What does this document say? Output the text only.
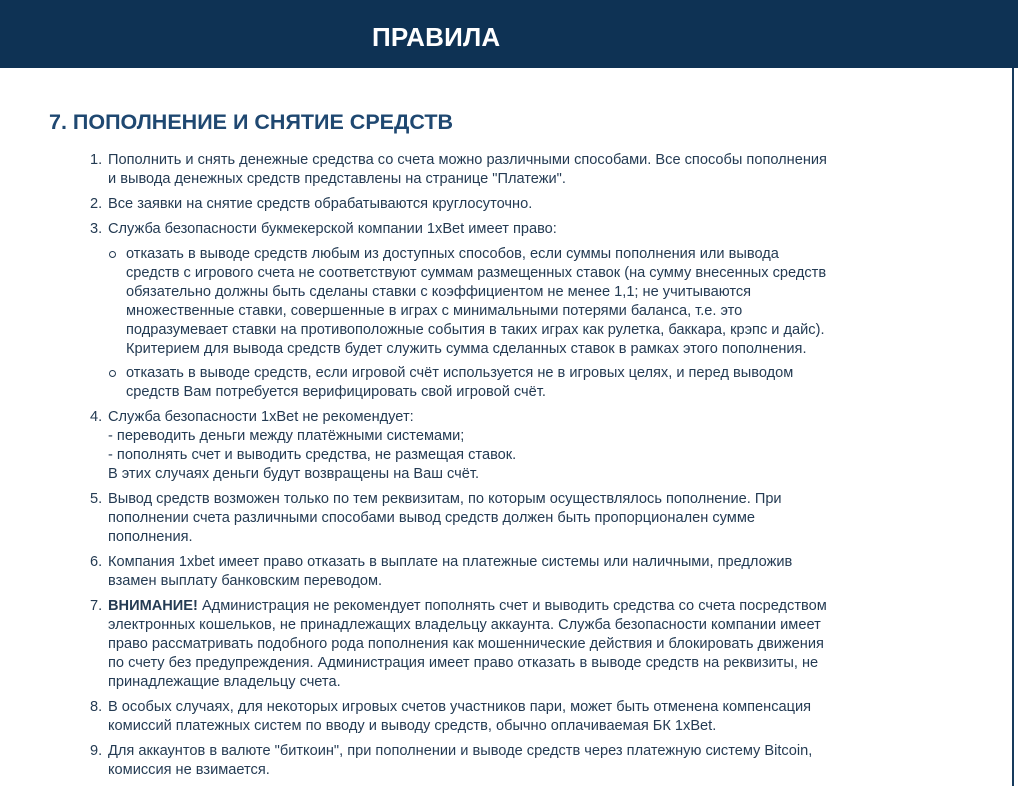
ПРАВИЛА
7. ПОПОЛНЕНИЕ И СНЯТИЕ СРЕДСТВ
1. Пополнить и снять денежные средства со счета можно различными способами. Все способы пополнения
и вывода денежных средств представлены на странице "Платежи".
2. Все заявки на снятие средств обрабатываются круглосуточно.
3. Служба безопасности букмекерской компании 1xBet имеет право:
отказать в выводе средств любым из доступных способов, если суммы пополнения или вывода
средств с игрового счета не соответствуют суммам размещенных ставок (на сумму внесенных средств
обязательно должны быть сделаны ставки с коэффициентом не менее 1,1; не учитываются
множественные ставки, совершенные в играх с минимальными потерями баланса, т.е. это
подразумевает ставки на противоположные события в таких играх как рулетка, баккара, крэпс и дайс).
Критерием для вывода средств будет служить сумма сделанных ставок в рамках этого пополнения.
отказать в выводе средств, если игровой счёт используется не в игровых целях, и перед выводом
средств Вам потребуется верифицировать свой игровой счёт.
4. Служба безопасности 1xBet не рекомендует:
- переводить деньги между платёжными системами;
- пополнять счет и выводить средства, не размещая ставок.
В этих случаях деньги будут возвращены на Ваш счёт.
5. Вывод средств возможен только по тем реквизитам, по которым осуществлялось пополнение. При
пополнении счета различными способами вывод средств должен быть пропорционален сумме
пополнения.
6. Компания 1xbet имеет право отказать в выплате на платежные системы или наличными, предложив
взамен выплату банковским переводом.
7. ВНИМАНИЕ! Администрация не рекомендует пополнять счет и выводить средства со счета посредством
электронных кошельков, не принадлежащих владельцу аккаунта. Служба безопасности компании имеет
право рассматривать подобного рода пополнения как мошеннические действия и блокировать движения
по счету без предупреждения. Администрация имеет право отказать в выводе средств на реквизиты, не
принадлежащие владельцу счета.
8. В особых случаях, для некоторых игровых счетов участников пари, может быть отменена компенсация
комиссий платежных систем по вводу и выводу средств, обычно оплачиваемая БК 1xBet.
9. Для аккаунтов в валюте "биткоин", при пополнении и выводе средств через платежную систему Bitcoin,
комиссия не взимается.
